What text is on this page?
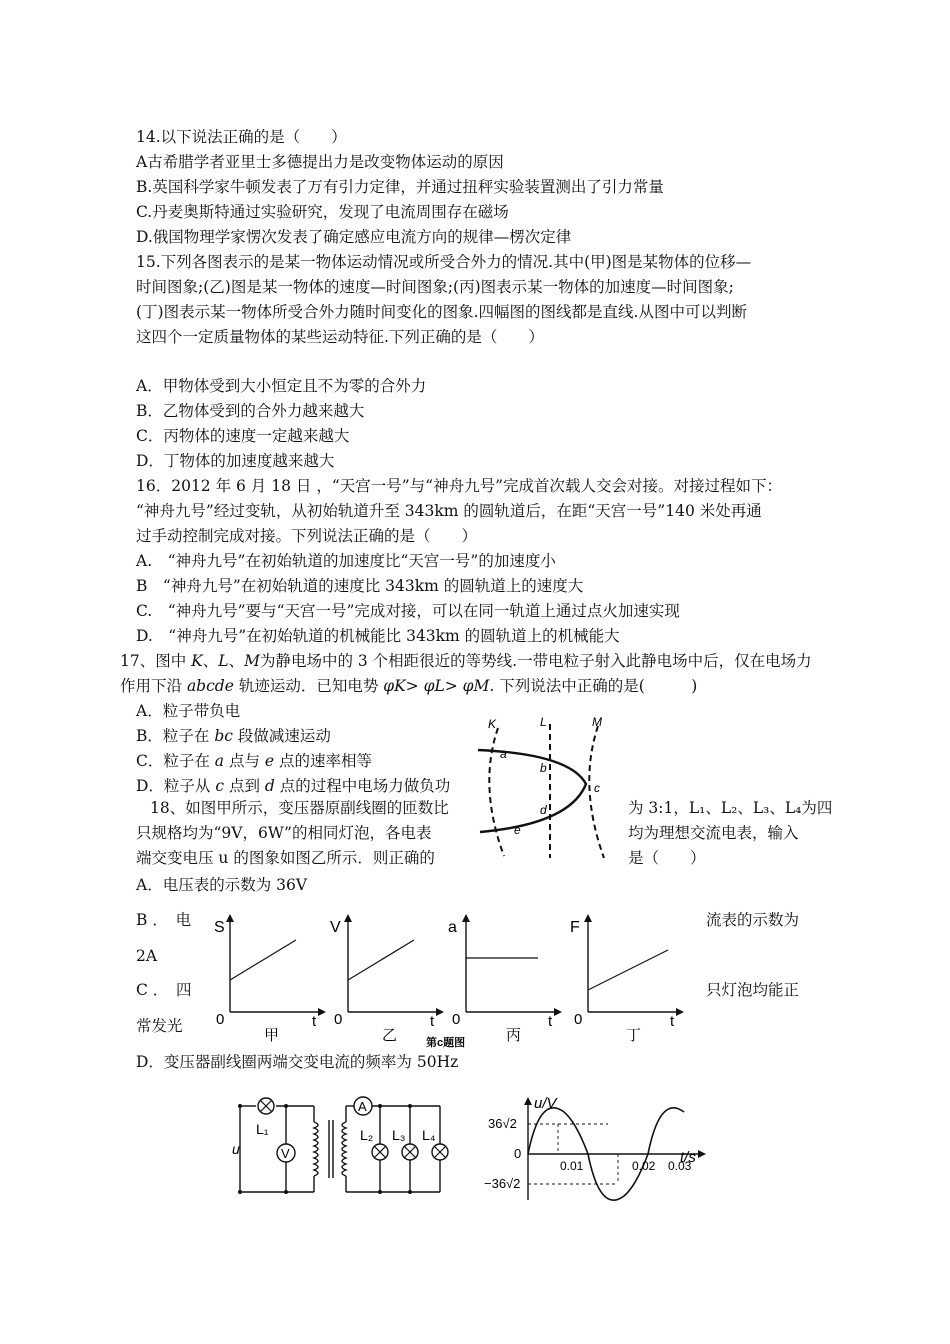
14.以下说法正确的是（　　）
A古希腊学者亚里士多德提出力是改变物体运动的原因
B.英国科学家牛顿发表了万有引力定律，并通过扭秤实验装置测出了引力常量
C.丹麦奥斯特通过实验研究，发现了电流周围存在磁场
D.俄国物理学家愣次发表了确定感应电流方向的规律—楞次定律
15.下列各图表示的是某一物体运动情况或所受合外力的情况.其中(甲)图是某物体的位移—
时间图象;(乙)图是某一物体的速度—时间图象;(丙)图表示某一物体的加速度—时间图象;
(丁)图表示某一物体所受合外力随时间变化的图象.四幅图的图线都是直线.从图中可以判断
这四个一定质量物体的某些运动特征.下列正确的是（　　）
A．甲物体受到大小恒定且不为零的合外力
B．乙物体受到的合外力越来越大
C．丙物体的速度一定越来越大
D．丁物体的加速度越来越大
16．2012 年 6 月 18 日 ，“天宫一号”与“神舟九号”完成首次载人交会对接。对接过程如下：
“神舟九号”经过变轨，从初始轨道升至 343km 的圆轨道后，在距“天宫一号”140 米处再通
过手动控制完成对接。下列说法正确的是（　　）
A.　“神舟九号”在初始轨道的加速度比“天宫一号”的加速度小
B　“神舟九号”在初始轨道的速度比 343km 的圆轨道上的速度大
C.　“神舟九号”要与“天宫一号”完成对接，可以在同一轨道上通过点火加速实现
D.　“神舟九号”在初始轨道的机械能比 343km 的圆轨道上的机械能大
17、图中 K、L、M为静电场中的 3 个相距很近的等势线.一带电粒子射入此静电场中后，仅在电场力
作用下沿 abcde 轨迹运动．已知电势 φK> φL> φM. 下列说法中正确的是(　　　)
A．粒子带负电
B．粒子在 bc 段做减速运动
C．粒子在 a 点与 e 点的速率相等
D．粒子从 c 点到 d 点的过程中电场力做负功
K	L	M
a
b
c
d
e
18、如图甲所示，变压器原副线圈的匝数比	为 3:1，L₁、L₂、L₃、L₄为四
只规格均为“9V，6W”的相同灯泡，各电表	均为理想交流电表，输入
端交变电压 u 的图象如图乙所示．则正确的	是（　　）
A．电压表的示数为 36V
B ．　电	流表的示数为
2A
C ．　四	只灯泡均能正
常发光
D．变压器副线圈两端交变电流的频率为 50Hz
S
0	t
甲
V
0	t
乙
a
0	t
丙
F
0	t
丁
第c题图
L₁
u	V
A
L₂ L₃ L₄
u/V
36√2
0
−36√2
0.01	0.02 0.03
t/s
